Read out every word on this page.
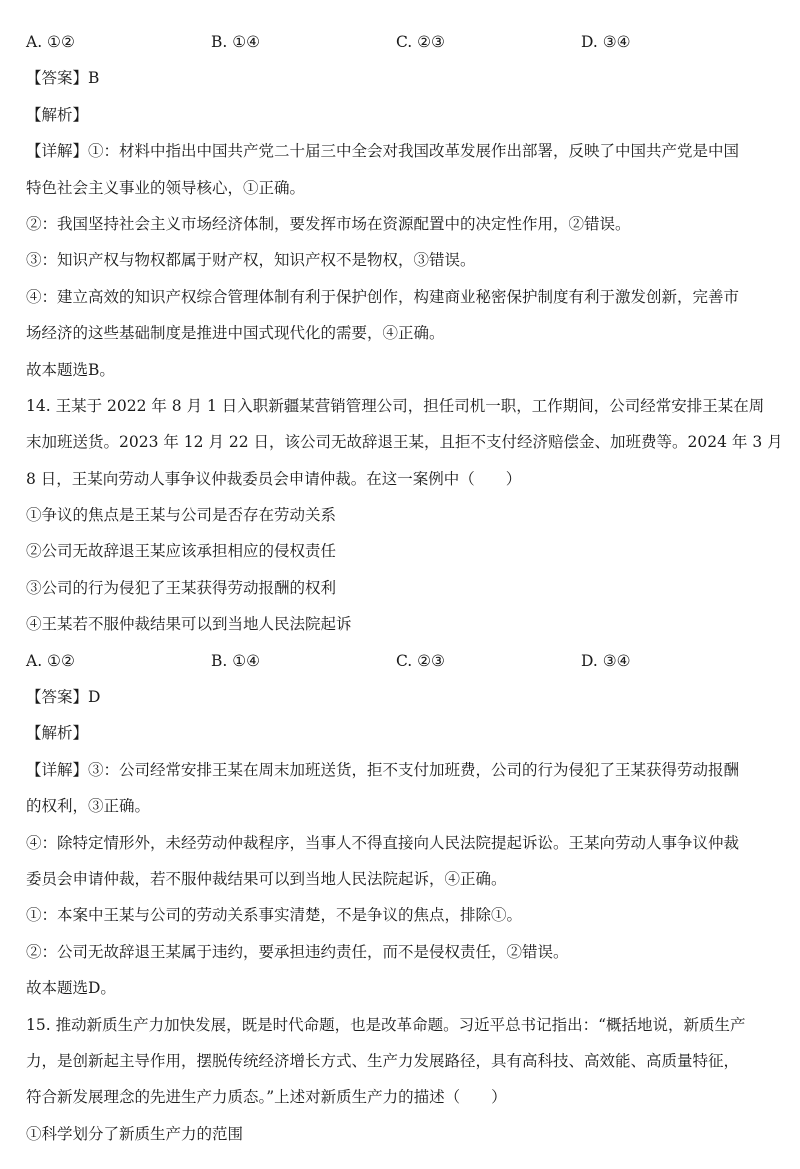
A. ①②	B. ①④	C. ②③	D. ③④
【答案】B
【解析】
【详解】①：材料中指出中国共产党二十届三中全会对我国改革发展作出部署，反映了中国共产党是中国
特色社会主义事业的领导核心，①正确。
②：我国坚持社会主义市场经济体制，要发挥市场在资源配置中的决定性作用，②错误。
③：知识产权与物权都属于财产权，知识产权不是物权，③错误。
④：建立高效的知识产权综合管理体制有利于保护创作，构建商业秘密保护制度有利于激发创新，完善市
场经济的这些基础制度是推进中国式现代化的需要，④正确。
故本题选B。
14. 王某于 2022 年 8 月 1 日入职新疆某营销管理公司，担任司机一职，工作期间，公司经常安排王某在周
末加班送货。2023 年 12 月 22 日，该公司无故辞退王某，且拒不支付经济赔偿金、加班费等。2024 年 3 月
8 日，王某向劳动人事争议仲裁委员会申请仲裁。在这一案例中（　　）
①争议的焦点是王某与公司是否存在劳动关系
②公司无故辞退王某应该承担相应的侵权责任
③公司的行为侵犯了王某获得劳动报酬的权利
④王某若不服仲裁结果可以到当地人民法院起诉
A. ①②	B. ①④	C. ②③	D. ③④
【答案】D
【解析】
【详解】③：公司经常安排王某在周末加班送货，拒不支付加班费，公司的行为侵犯了王某获得劳动报酬
的权利，③正确。
④：除特定情形外，未经劳动仲裁程序，当事人不得直接向人民法院提起诉讼。王某向劳动人事争议仲裁
委员会申请仲裁，若不服仲裁结果可以到当地人民法院起诉，④正确。
①：本案中王某与公司的劳动关系事实清楚，不是争议的焦点，排除①。
②：公司无故辞退王某属于违约，要承担违约责任，而不是侵权责任，②错误。
故本题选D。
15. 推动新质生产力加快发展，既是时代命题，也是改革命题。习近平总书记指出：“概括地说，新质生产
力，是创新起主导作用，摆脱传统经济增长方式、生产力发展路径，具有高科技、高效能、高质量特征，
符合新发展理念的先进生产力质态。”上述对新质生产力的描述（　　）
①科学划分了新质生产力的范围
